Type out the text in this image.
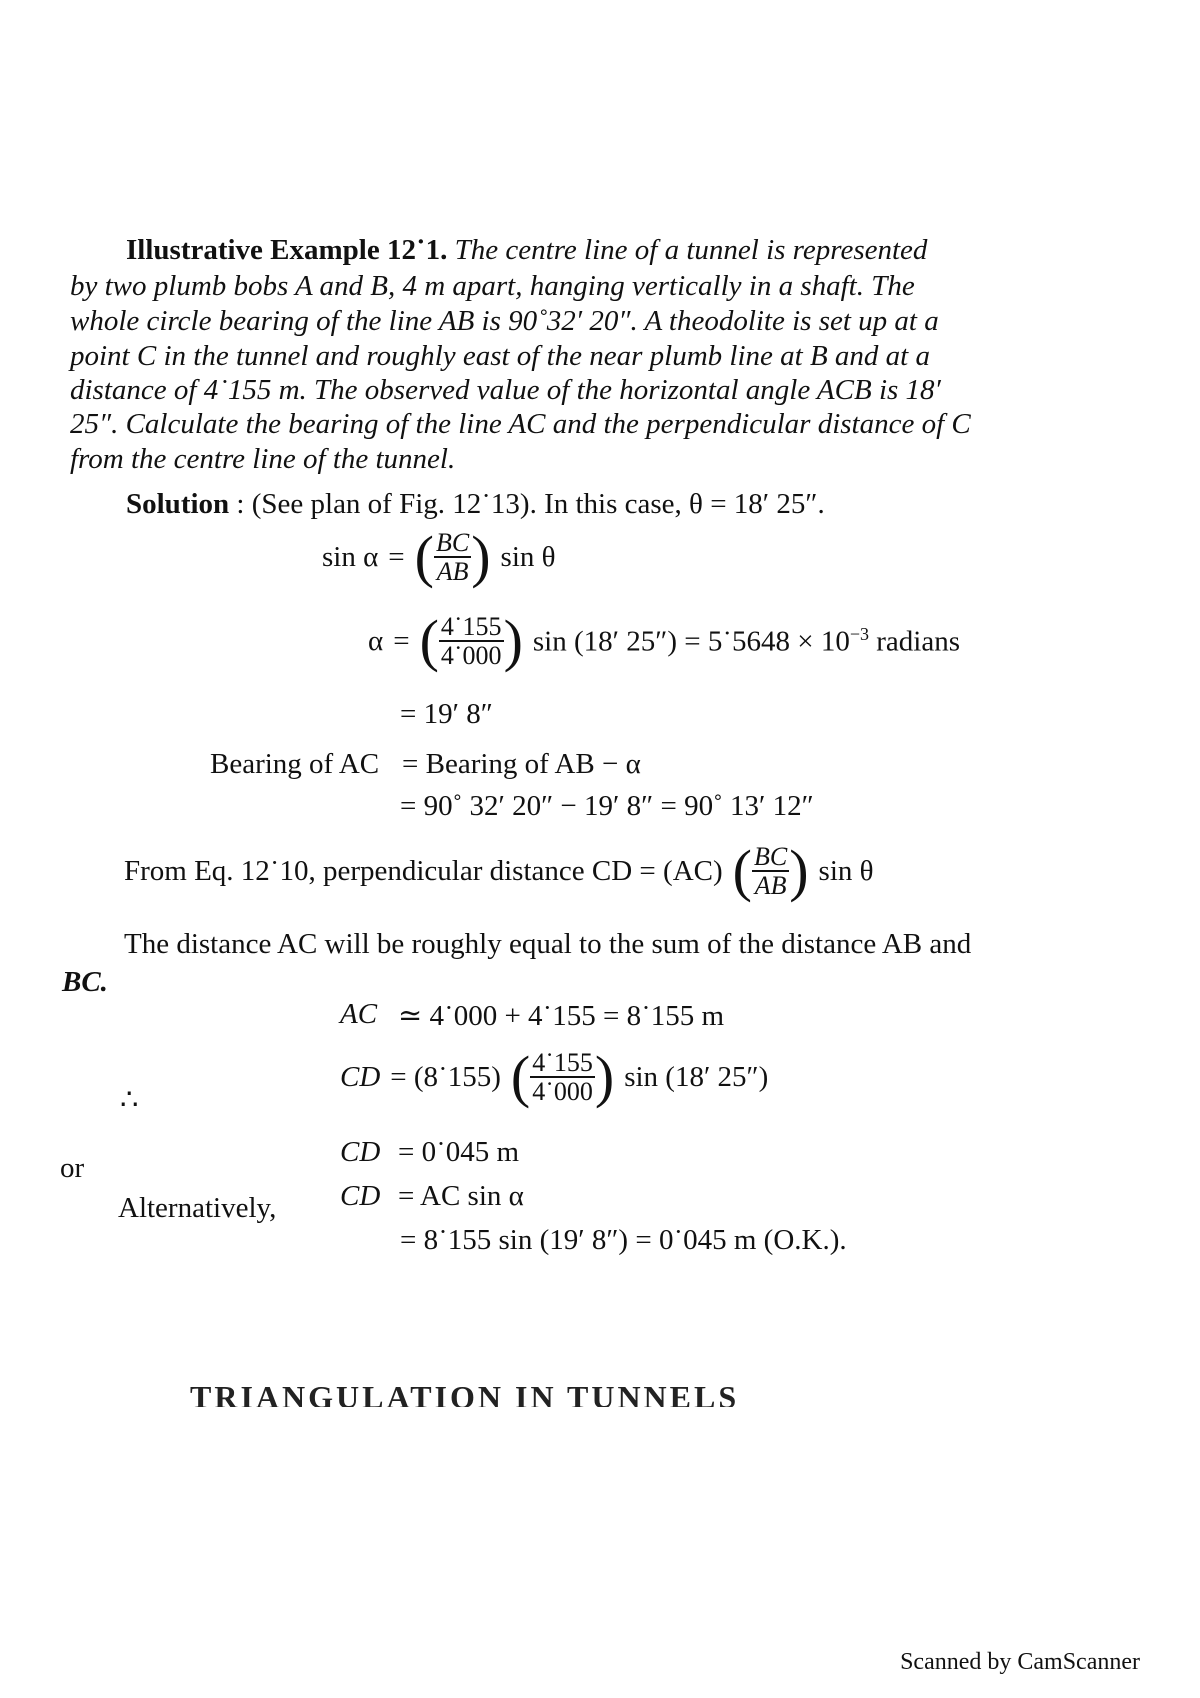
Illustrative Example 12˙1. The centre line of a tunnel is represented
by two plumb bobs A and B, 4 m apart, hanging vertically in a shaft. The
whole circle bearing of the line AB is 90˚32′ 20″. A theodolite is set up at a
point C in the tunnel and roughly east of the near plumb line at B and at a
distance of 4˙155 m. The observed value of the horizontal angle ACB is 18′
25″. Calculate the bearing of the line AC and the perpendicular distance of C
from the centre line of the tunnel.
Solution : (See plan of Fig. 12˙13). In this case, θ = 18′ 25″.
sin α = ( $\frac{BC}{AB}$ ) sin θ
α = ( $\frac{4˙155}{4˙000}$ ) sin (18′ 25″) = 5˙5648 × $10^{-3}$ radians
= 19′ 8″
Bearing of AC = Bearing of AB − α
= 90˚ 32′ 20″ − 19′ 8″ = 90˚ 13′ 12″
From Eq. 12˙10, perpendicular distance CD = (AC) ( $\frac{BC}{AB}$ ) sin θ
The distance AC will be roughly equal to the sum of the distance AB and
BC.
AC ≃ 4˙000 + 4˙155 = 8˙155 m
∴
CD = (8˙155) ( $\frac{4˙155}{4˙000}$ ) sin (18′ 25″)
or	CD = 0˙045 m
Alternatively, CD = AC sin α
= 8˙155 sin (19′ 8″) = 0˙045 m (O.K.).
TRIANGULATION IN TUNNELS
Scanned by CamScanner
